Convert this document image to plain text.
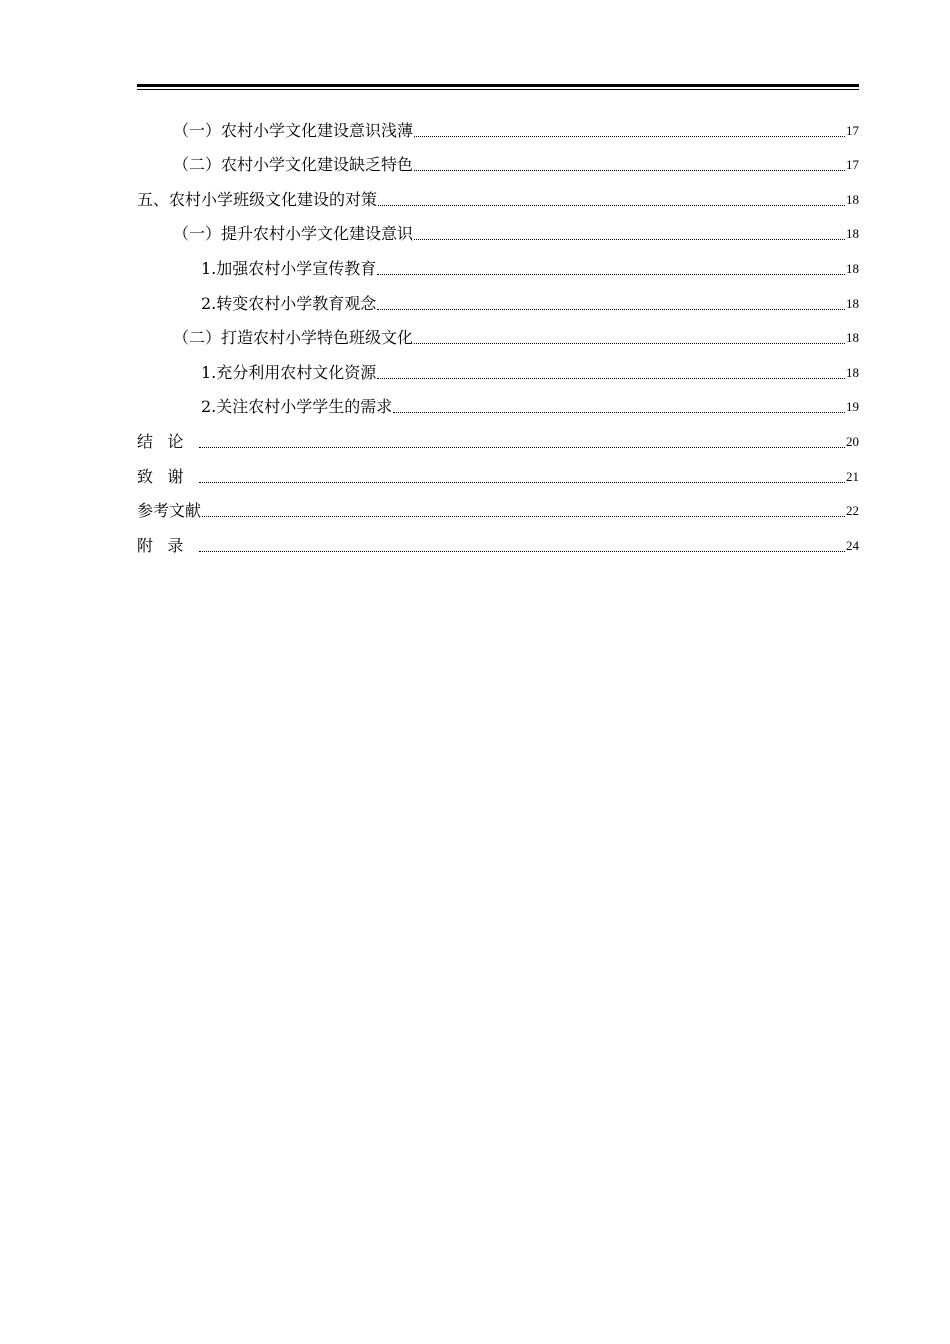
（一）农村小学文化建设意识浅薄	17
（二）农村小学文化建设缺乏特色	17
五、农村小学班级文化建设的对策	18
（一）提升农村小学文化建设意识	18
1.加强农村小学宣传教育	18
2.转变农村小学教育观念	18
（二）打造农村小学特色班级文化	18
1.充分利用农村文化资源	18
2.关注农村小学学生的需求	19
结论	20
致谢	21
参考文献	22
附录	24
